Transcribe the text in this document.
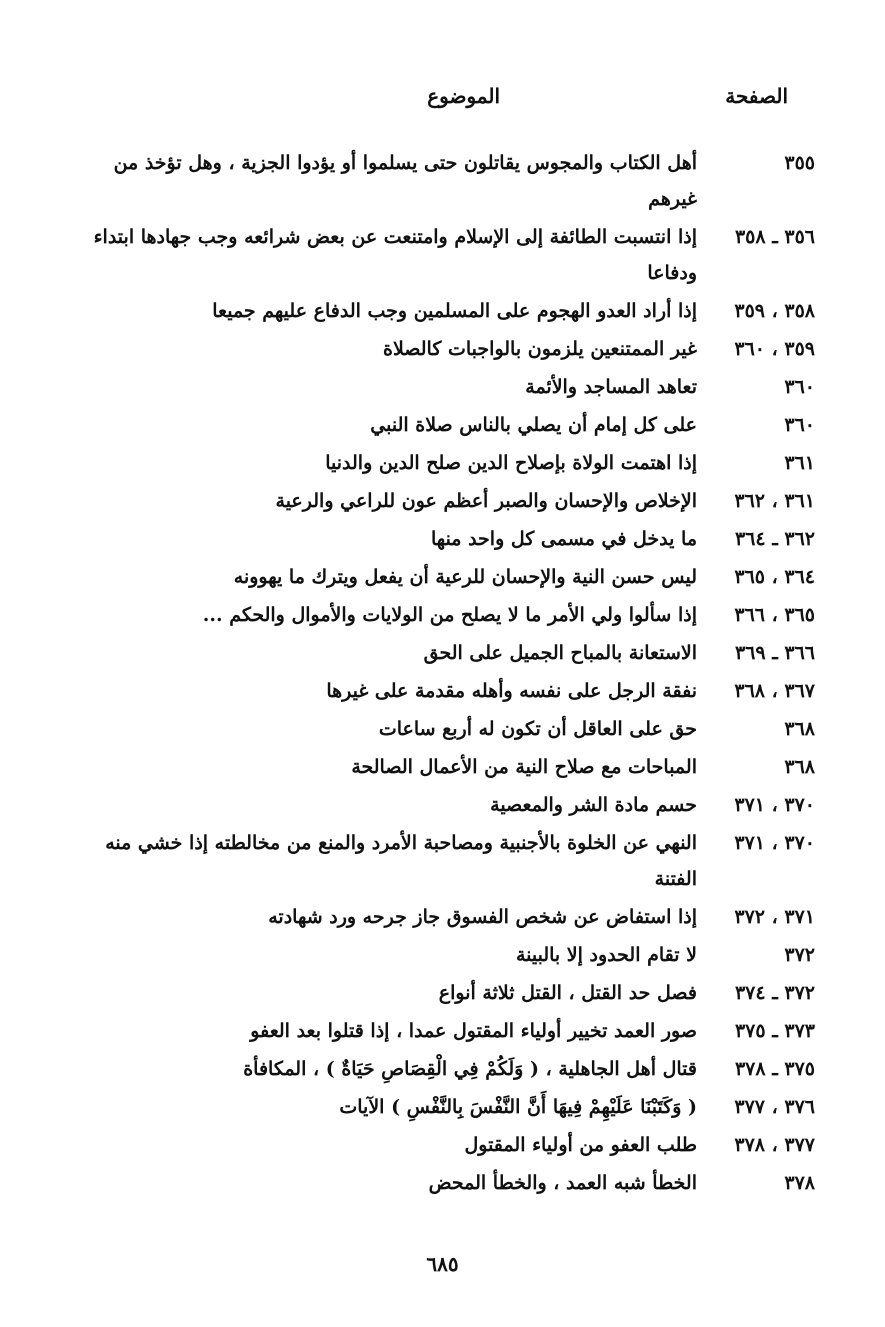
الصفحة
الموضوع
٣٥٥
أهل الكتاب والمجوس يقاتلون حتى يسلموا أو يؤدوا الجزية ، وهل تؤخذ من غيرهم
٣٥٦ ـ ٣٥٨
إذا انتسبت الطائفة إلى الإسلام وامتنعت عن بعض شرائعه وجب جهادها ابتداء ودفاعا
٣٥٨ ، ٣٥٩
إذا أراد العدو الهجوم على المسلمين وجب الدفاع عليهم جميعا
٣٥٩ ، ٣٦٠
غير الممتنعين يلزمون بالواجبات كالصلاة
٣٦٠
تعاهد المساجد والأئمة
٣٦٠
على كل إمام أن يصلي بالناس صلاة النبي
٣٦١
إذا اهتمت الولاة بإصلاح الدين صلح الدين والدنيا
٣٦١ ، ٣٦٢
الإخلاص والإحسان والصبر أعظم عون للراعي والرعية
٣٦٢ ـ ٣٦٤
ما يدخل في مسمى كل واحد منها
٣٦٤ ، ٣٦٥
ليس حسن النية والإحسان للرعية أن يفعل ويترك ما يهوونه
٣٦٥ ، ٣٦٦
إذا سألوا ولي الأمر ما لا يصلح من الولايات والأموال والحكم ...
٣٦٦ ـ ٣٦٩
الاستعانة بالمباح الجميل على الحق
٣٦٧ ، ٣٦٨
نفقة الرجل على نفسه وأهله مقدمة على غيرها
٣٦٨
حق على العاقل أن تكون له أربع ساعات
٣٦٨
المباحات مع صلاح النية من الأعمال الصالحة
٣٧٠ ، ٣٧١
حسم مادة الشر والمعصية
٣٧٠ ، ٣٧١
النهي عن الخلوة بالأجنبية ومصاحبة الأمرد والمنع من مخالطته إذا خشي منه الفتنة
٣٧١ ، ٣٧٢
إذا استفاض عن شخص الفسوق جاز جرحه ورد شهادته
٣٧٢
لا تقام الحدود إلا بالبينة
٣٧٢ ـ ٣٧٤
فصل حد القتل ، القتل ثلاثة أنواع
٣٧٣ ـ ٣٧٥
صور العمد تخيير أولياء المقتول عمدا ، إذا قتلوا بعد العفو
٣٧٥ ـ ٣٧٨
قتال أهل الجاهلية ، ( وَلَكُمْ فِي الْقِصَاصِ حَيَاةٌ ) ، المكافأة
٣٧٦ ، ٣٧٧
( وَكَتَبْنَا عَلَيْهِمْ فِيهَا أَنَّ النَّفْسَ بِالنَّفْسِ ) الآيات
٣٧٧ ، ٣٧٨
طلب العفو من أولياء المقتول
٣٧٨
الخطأ شبه العمد ، والخطأ المحض
٦٨٥
